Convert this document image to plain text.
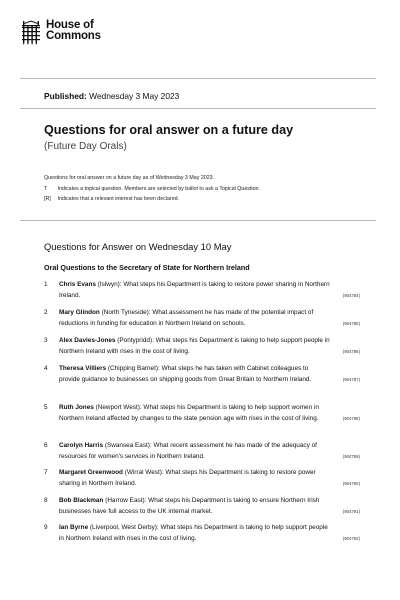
House of
Commons
Published: Wednesday 3 May 2023
Questions for oral answer on a future day
(Future Day Orals)
Questions for oral answer on a future day as of Wednesday 3 May 2023.
T Indicates a topical question. Members are selected by ballot to ask a Topical Question.
[R] Indicates that a relevant interest has been declared.
Questions for Answer on Wednesday 10 May
Oral Questions to the Secretary of State for Northern Ireland
1 Chris Evans (Islwyn): What steps his Department is taking to restore power sharing in Northern Ireland.	(904784)
2 Mary Glindon (North Tyneside): What assessment he has made of the potential impact of reductions in funding for education in Northern Ireland on schools.	(904785)
3 Alex Davies-Jones (Pontypridd): What steps his Department is taking to help support people in Northern Ireland with rises in the cost of living.	(904786)
4 Theresa Villiers (Chipping Barnet): What steps he has taken with Cabinet colleagues to provide guidance to businesses on shipping goods from Great Britain to Northern Ireland.	(904787)
5 Ruth Jones (Newport West): What steps his Department is taking to help support women in Northern Ireland affected by changes to the state pension age with rises in the cost of living.	(904788)
6 Carolyn Harris (Swansea East): What recent assessment he has made of the adequacy of resources for women's services in Northern Ireland.	(904789)
7 Margaret Greenwood (Wirral West): What steps his Department is taking to restore power sharing in Northern Ireland.	(904790)
8 Bob Blackman (Harrow East): What steps his Department is taking to ensure Northern Irish businesses have full access to the UK internal market.	(904791)
9 Ian Byrne (Liverpool, West Derby): What steps his Department is taking to help support people in Northern Ireland with rises in the cost of living.	(904792)
